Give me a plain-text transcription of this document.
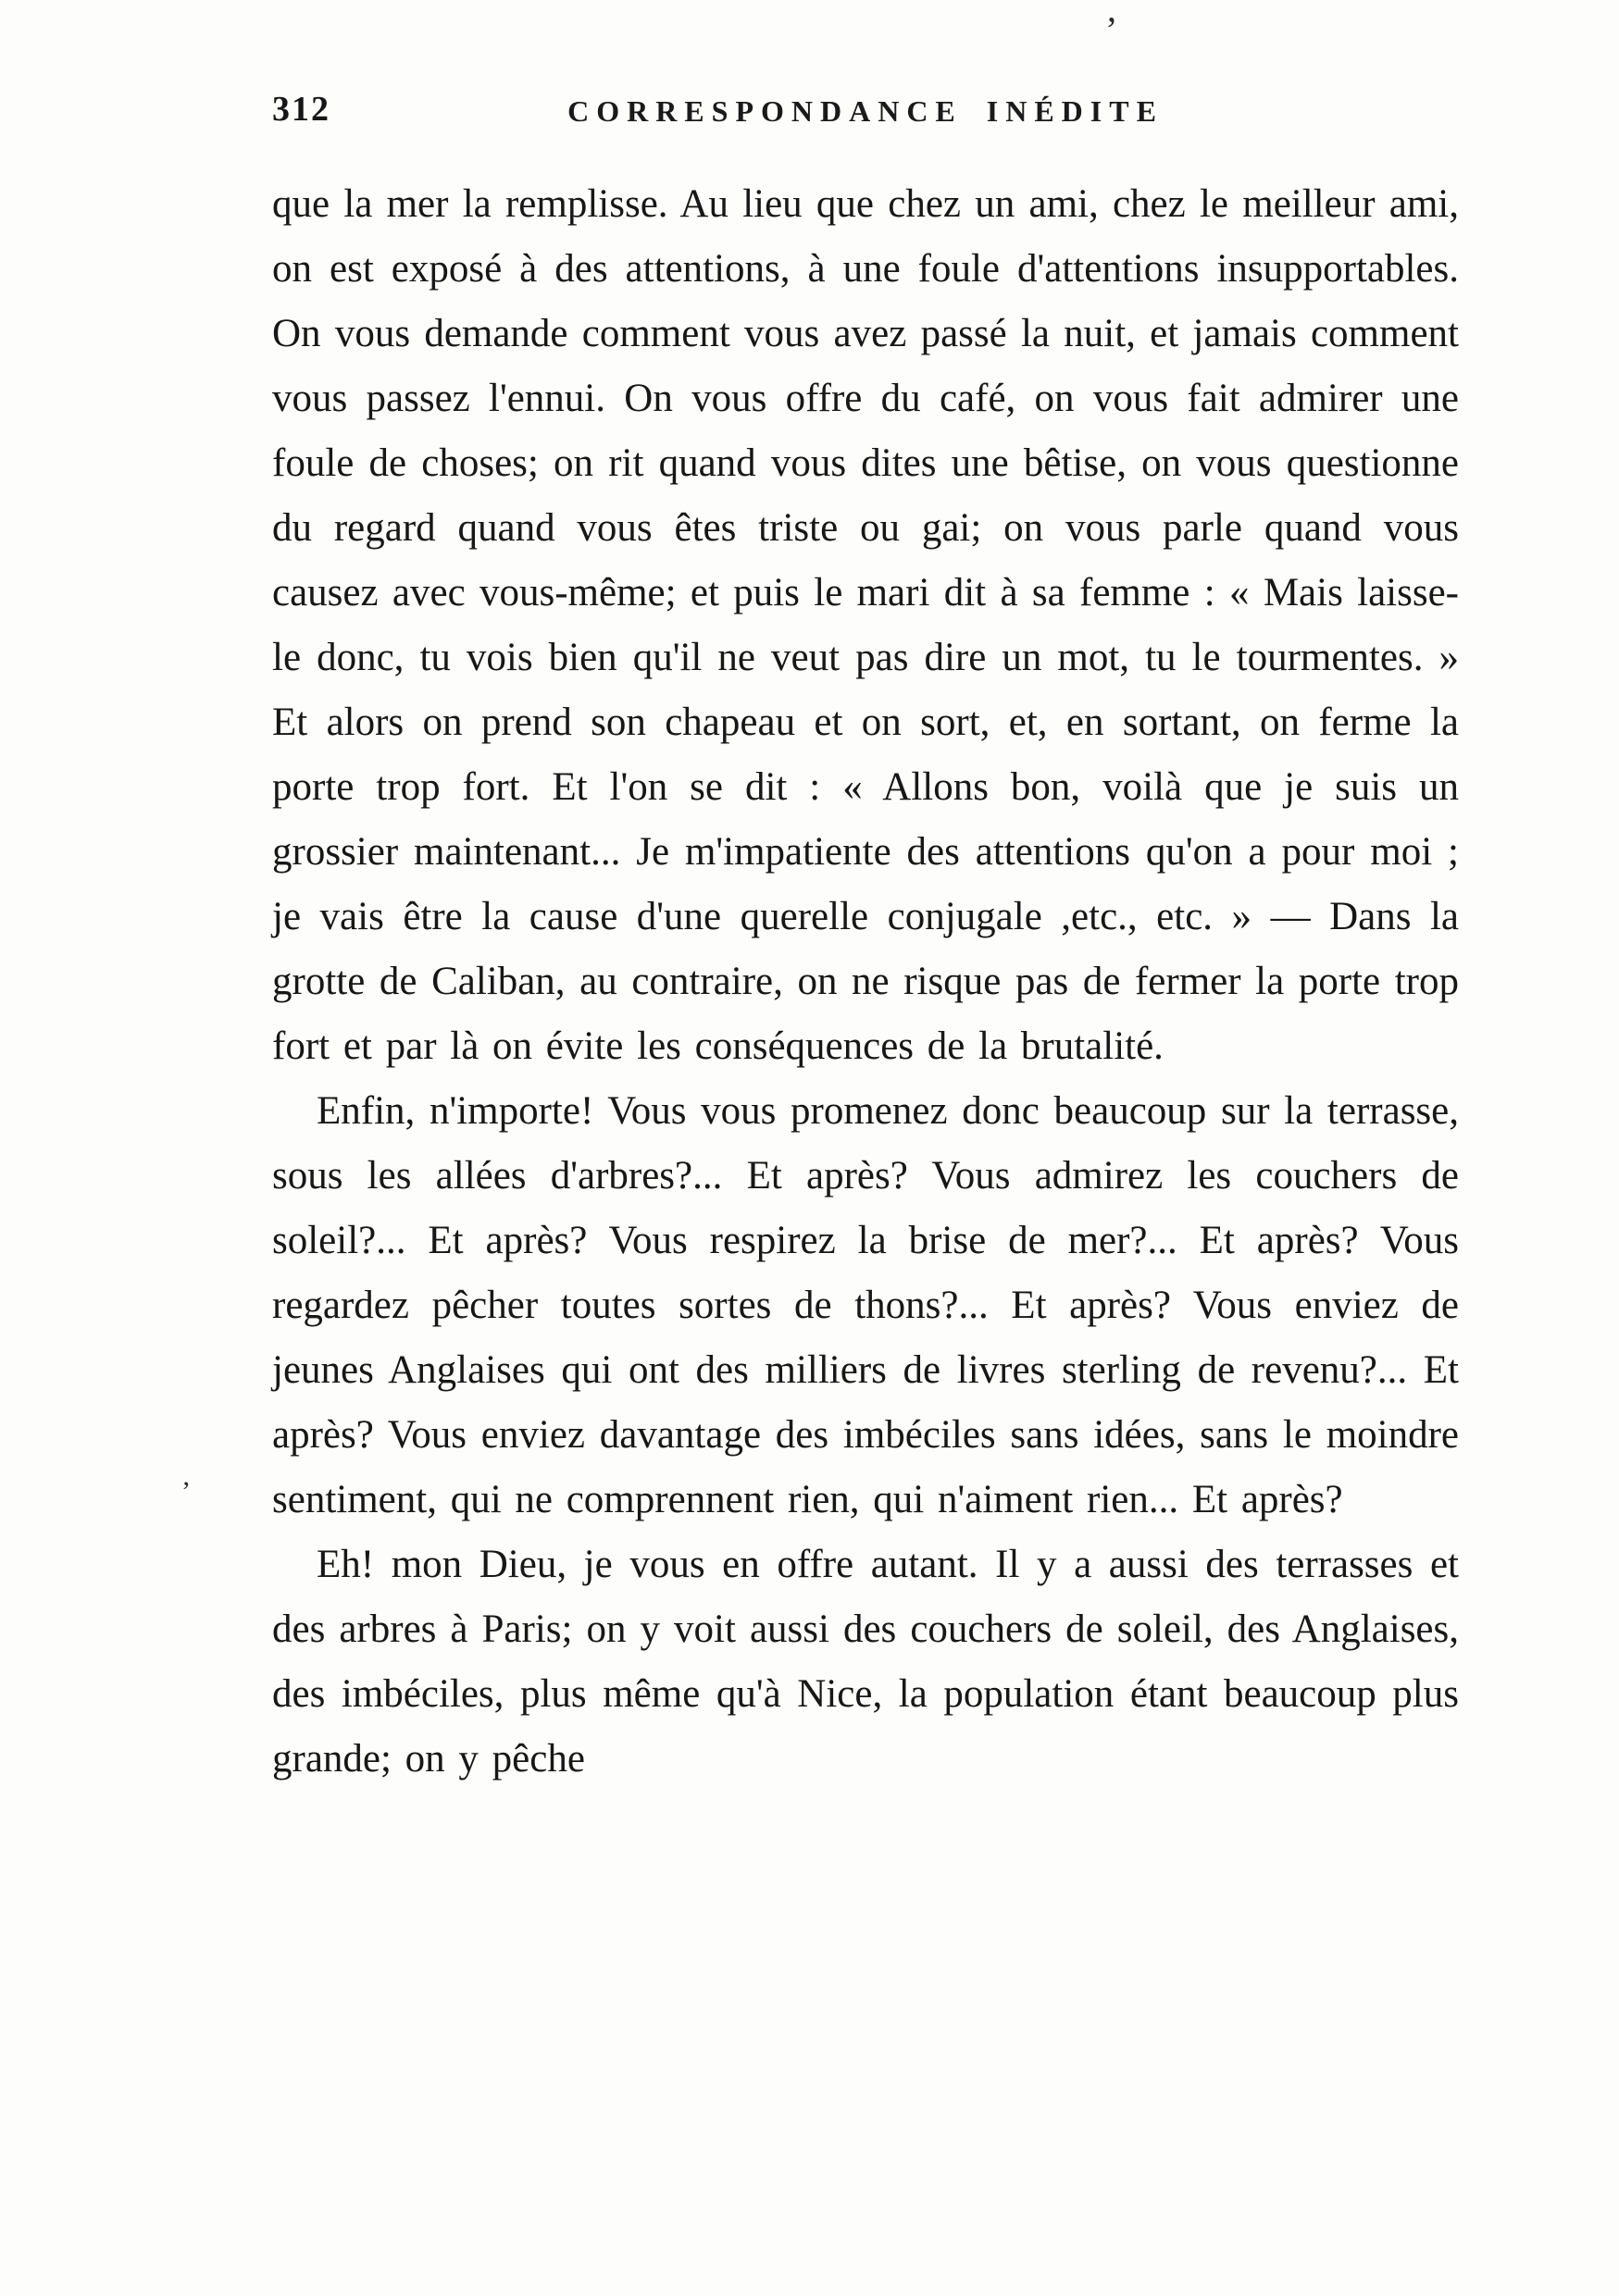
,
’
312	CORRESPONDANCE INÉDITE

que la mer la remplisse. Au lieu que chez un ami, chez le meilleur ami, on est exposé à des attentions, à une foule d'attentions insupportables. On vous demande comment vous avez passé la nuit, et jamais comment vous passez l'ennui. On vous offre du café, on vous fait admirer une foule de choses; on rit quand vous dites une bêtise, on vous questionne du regard quand vous êtes triste ou gai; on vous parle quand vous causez avec vous-même; et puis le mari dit à sa femme : « Mais laisse-le donc, tu vois bien qu'il ne veut pas dire un mot, tu le tourmentes. » Et alors on prend son chapeau et on sort, et, en sortant, on ferme la porte trop fort. Et l'on se dit : « Allons bon, voilà que je suis un grossier maintenant... Je m'impatiente des attentions qu'on a pour moi ; je vais être la cause d'une querelle conjugale ,etc., etc. » — Dans la grotte de Caliban, au contraire, on ne risque pas de fermer la porte trop fort et par là on évite les conséquences de la brutalité.

Enfin, n'importe! Vous vous promenez donc beaucoup sur la terrasse, sous les allées d'arbres?... Et après? Vous admirez les couchers de soleil?... Et après? Vous respirez la brise de mer?... Et après? Vous regardez pêcher toutes sortes de thons?... Et après? Vous enviez de jeunes Anglaises qui ont des milliers de livres sterling de revenu?... Et après? Vous enviez davantage des imbéciles sans idées, sans le moindre sentiment, qui ne comprennent rien, qui n'aiment rien... Et après?

Eh! mon Dieu, je vous en offre autant. Il y a aussi des terrasses et des arbres à Paris; on y voit aussi des couchers de soleil, des Anglaises, des imbéciles, plus même qu'à Nice, la population étant beaucoup plus grande; on y pêche
